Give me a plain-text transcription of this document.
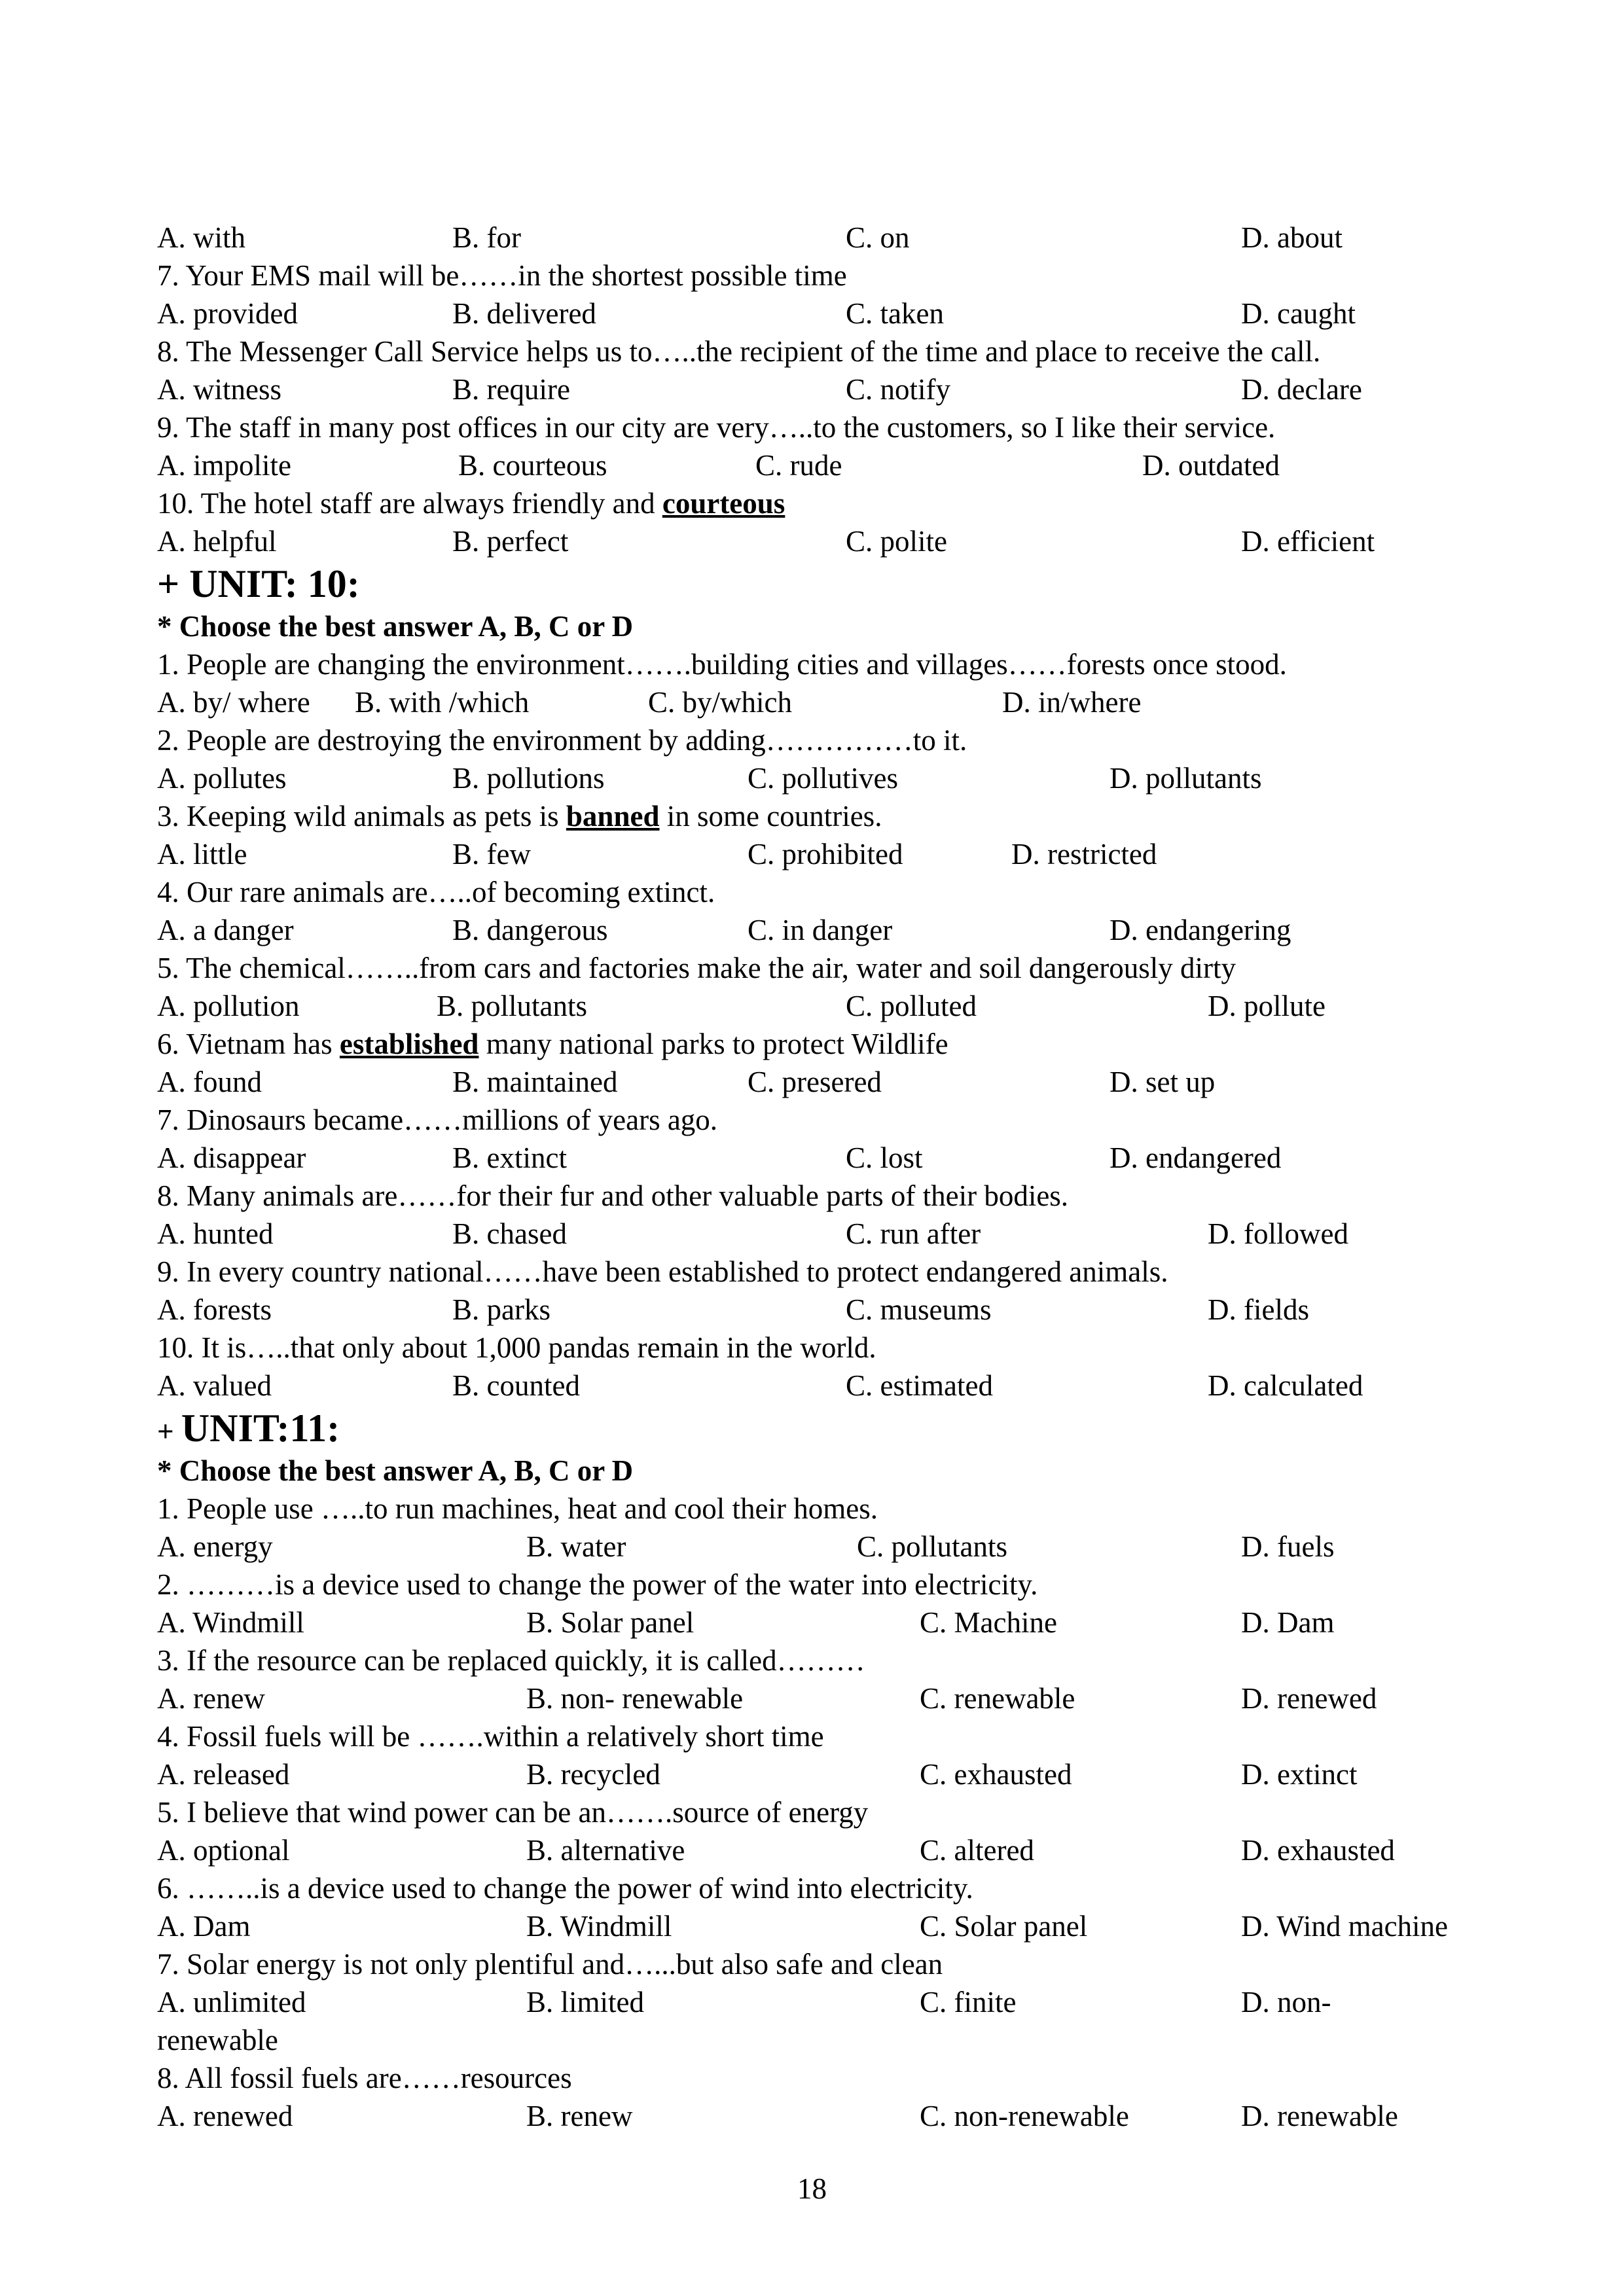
A. with	B. for	C. on	D. about
7. Your EMS mail will be……in the shortest possible time
A. provided	B. delivered	C. taken	D. caught
8. The Messenger Call Service helps us to…..the recipient of the time and place to receive the call.
A. witness	B. require	C. notify	D. declare
9. The staff in many post offices in our city are very…..to the customers, so I like their service.
A. impolite	B. courteous	C. rude	D. outdated
10. The hotel staff are always friendly and courteous
A. helpful	B. perfect	C. polite	D. efficient
+ UNIT: 10:
* Choose the best answer A, B, C or D
1. People are changing the environment…….building cities and villages……forests once stood.
A. by/ where B. with /which	C. by/which	D. in/where
2. People are destroying the environment by adding……………to it.
A. pollutes	B. pollutions	C. pollutives	D. pollutants
3. Keeping wild animals as pets is banned in some countries.
A. little	B. few	C. prohibited	D. restricted
4. Our rare animals are…..of becoming extinct.
A. a danger	B. dangerous	C. in danger	D. endangering
5. The chemical……..from cars and factories make the air, water and soil dangerously dirty
A. pollution	B. pollutants	C. polluted	D. pollute
6. Vietnam has established many national parks to protect Wildlife
A. found	B. maintained	C. presered	D. set up
7. Dinosaurs became……millions of years ago.
A. disappear	B. extinct	C. lost	D. endangered
8. Many animals are……for their fur and other valuable parts of their bodies.
A. hunted	B. chased	C. run after	D. followed
9. In every country national……have been established to protect endangered animals.
A. forests	B. parks	C. museums	D. fields
10. It is…..that only about 1,000 pandas remain in the world.
A. valued	B. counted	C. estimated	D. calculated
+ UNIT:11:
* Choose the best answer A, B, C or D
1. People use …..to run machines, heat and cool their homes.
A. energy	B. water	C. pollutants	D. fuels
2. ………is a device used to change the power of the water into electricity.
A. Windmill	B. Solar panel	C. Machine	D. Dam
3. If the resource can be replaced quickly, it is called………
A. renew	B. non- renewable	C. renewable	D. renewed
4. Fossil fuels will be …….within a relatively short time
A. released	B. recycled	C. exhausted	D. extinct
5. I believe that wind power can be an…….source of energy
A. optional	B. alternative	C. altered	D. exhausted
6. ……..is a device used to change the power of wind into electricity.
A. Dam	B. Windmill	C. Solar panel	D. Wind machine
7. Solar energy is not only plentiful and…...but also safe and clean
A. unlimited	B. limited	C. finite	D. non-
renewable
8. All fossil fuels are……resources
A. renewed	B. renew	C. non-renewable	D. renewable
18
